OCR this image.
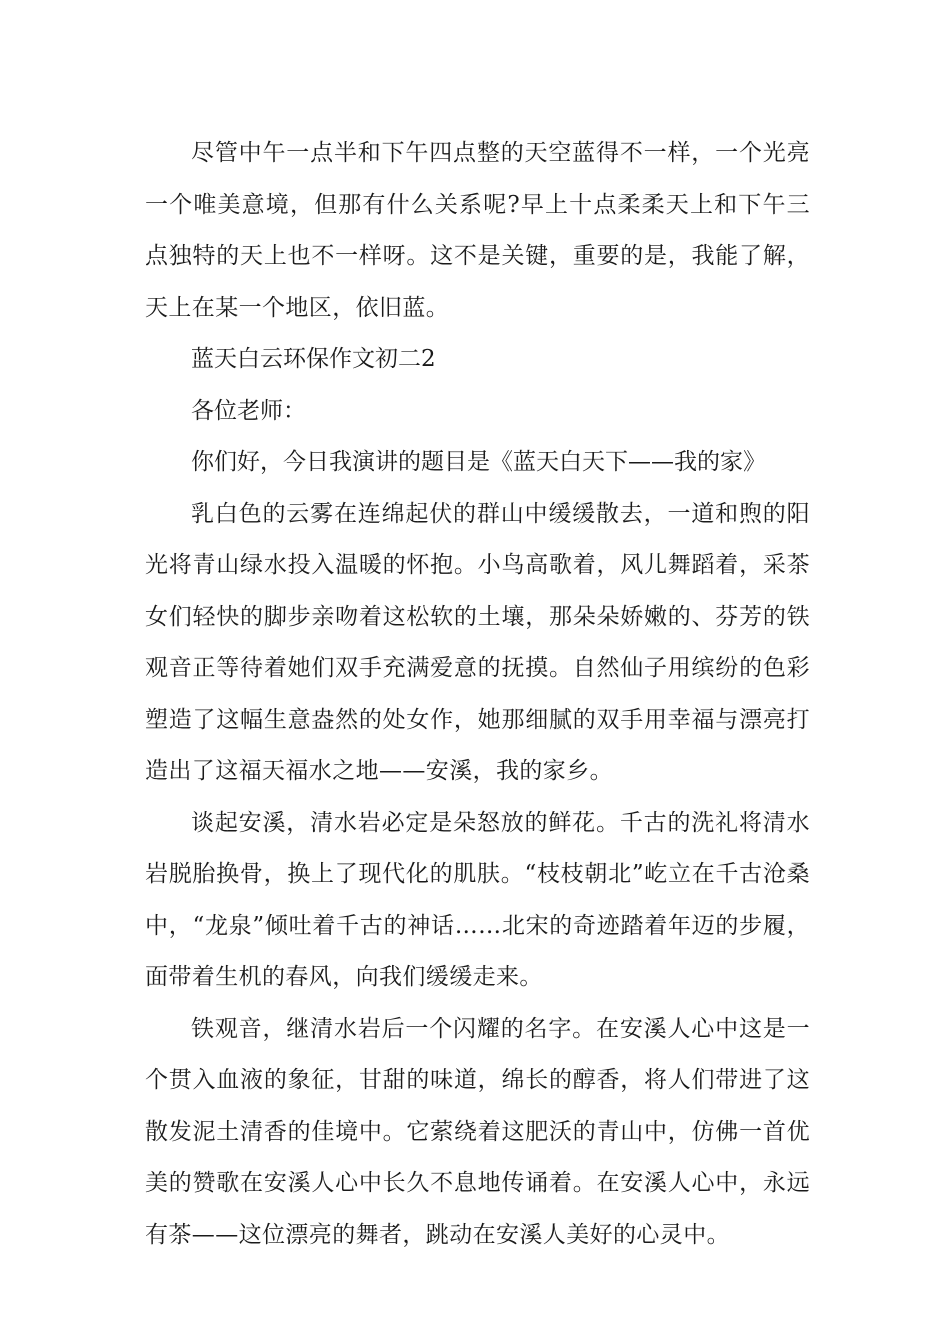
尽管中午一点半和下午四点整的天空蓝得不一样，一个光亮一个唯美意境，但那有什么关系呢?早上十点柔柔天上和下午三点独特的天上也不一样呀。这不是关键，重要的是，我能了解，天上在某一个地区，依旧蓝。

蓝天白云环保作文初二2

各位老师：

你们好，今日我演讲的题目是《蓝天白天下——我的家》

乳白色的云雾在连绵起伏的群山中缓缓散去，一道和煦的阳光将青山绿水投入温暖的怀抱。小鸟高歌着，风儿舞蹈着，采茶女们轻快的脚步亲吻着这松软的土壤，那朵朵娇嫩的、芬芳的铁观音正等待着她们双手充满爱意的抚摸。自然仙子用缤纷的色彩塑造了这幅生意盎然的处女作，她那细腻的双手用幸福与漂亮打造出了这福天福水之地——安溪，我的家乡。

谈起安溪，清水岩必定是朵怒放的鲜花。千古的洗礼将清水岩脱胎换骨，换上了现代化的肌肤。“枝枝朝北”屹立在千古沧桑中，“龙泉”倾吐着千古的神话……北宋的奇迹踏着年迈的步履，面带着生机的春风，向我们缓缓走来。

铁观音，继清水岩后一个闪耀的名字。在安溪人心中这是一个贯入血液的象征，甘甜的味道，绵长的醇香，将人们带进了这散发泥土清香的佳境中。它萦绕着这肥沃的青山中，仿佛一首优美的赞歌在安溪人心中长久不息地传诵着。在安溪人心中，永远有茶——这位漂亮的舞者，跳动在安溪人美好的心灵中。
